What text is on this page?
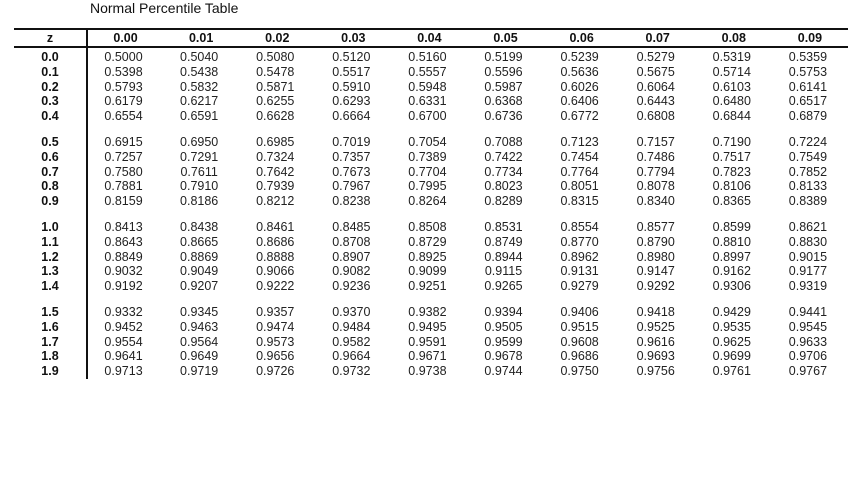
Normal Percentile Table
z	0.00	0.01	0.02	0.03	0.04	0.05	0.06	0.07	0.08	0.09
0.0	0.5000	0.5040	0.5080	0.5120	0.5160	0.5199	0.5239	0.5279	0.5319	0.5359
0.1	0.5398	0.5438	0.5478	0.5517	0.5557	0.5596	0.5636	0.5675	0.5714	0.5753
0.2	0.5793	0.5832	0.5871	0.5910	0.5948	0.5987	0.6026	0.6064	0.6103	0.6141
0.3	0.6179	0.6217	0.6255	0.6293	0.6331	0.6368	0.6406	0.6443	0.6480	0.6517
0.4	0.6554	0.6591	0.6628	0.6664	0.6700	0.6736	0.6772	0.6808	0.6844	0.6879

0.5	0.6915	0.6950	0.6985	0.7019	0.7054	0.7088	0.7123	0.7157	0.7190	0.7224
0.6	0.7257	0.7291	0.7324	0.7357	0.7389	0.7422	0.7454	0.7486	0.7517	0.7549
0.7	0.7580	0.7611	0.7642	0.7673	0.7704	0.7734	0.7764	0.7794	0.7823	0.7852
0.8	0.7881	0.7910	0.7939	0.7967	0.7995	0.8023	0.8051	0.8078	0.8106	0.8133
0.9	0.8159	0.8186	0.8212	0.8238	0.8264	0.8289	0.8315	0.8340	0.8365	0.8389

1.0	0.8413	0.8438	0.8461	0.8485	0.8508	0.8531	0.8554	0.8577	0.8599	0.8621
1.1	0.8643	0.8665	0.8686	0.8708	0.8729	0.8749	0.8770	0.8790	0.8810	0.8830
1.2	0.8849	0.8869	0.8888	0.8907	0.8925	0.8944	0.8962	0.8980	0.8997	0.9015
1.3	0.9032	0.9049	0.9066	0.9082	0.9099	0.9115	0.9131	0.9147	0.9162	0.9177
1.4	0.9192	0.9207	0.9222	0.9236	0.9251	0.9265	0.9279	0.9292	0.9306	0.9319

1.5	0.9332	0.9345	0.9357	0.9370	0.9382	0.9394	0.9406	0.9418	0.9429	0.9441
1.6	0.9452	0.9463	0.9474	0.9484	0.9495	0.9505	0.9515	0.9525	0.9535	0.9545
1.7	0.9554	0.9564	0.9573	0.9582	0.9591	0.9599	0.9608	0.9616	0.9625	0.9633
1.8	0.9641	0.9649	0.9656	0.9664	0.9671	0.9678	0.9686	0.9693	0.9699	0.9706
1.9	0.9713	0.9719	0.9726	0.9732	0.9738	0.9744	0.9750	0.9756	0.9761	0.9767
